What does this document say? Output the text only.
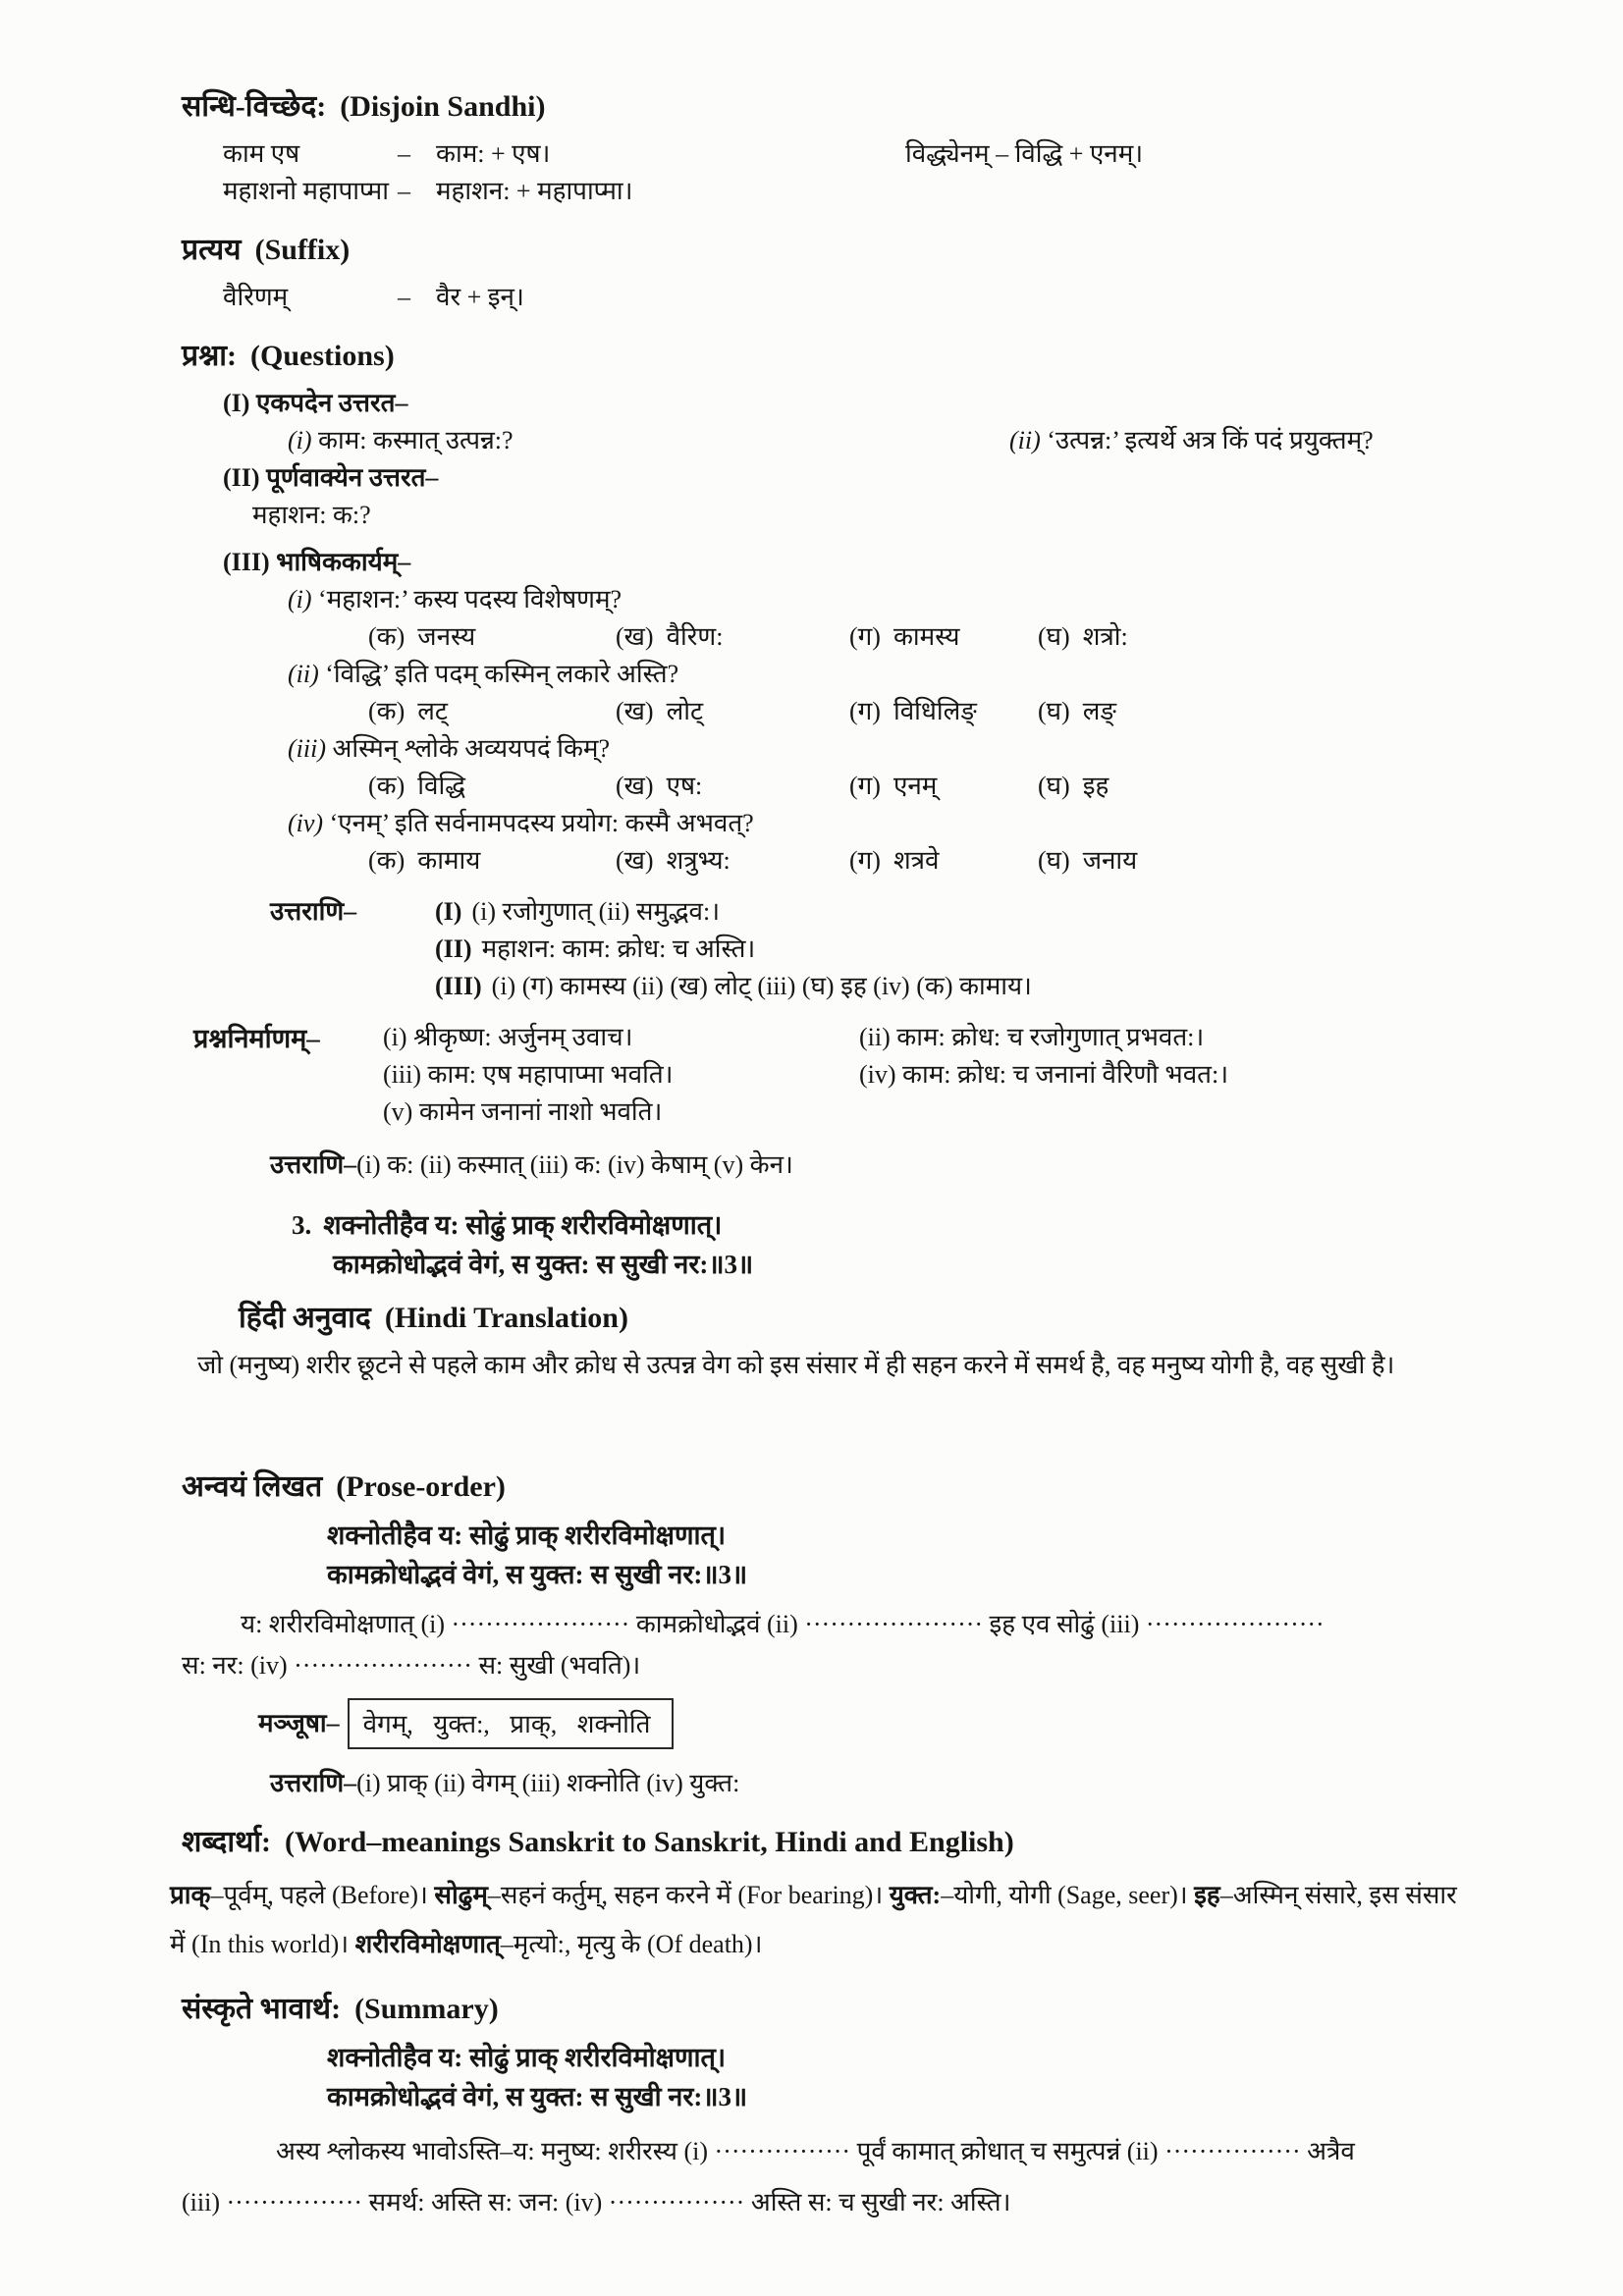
सन्धि-विच्छेद: (Disjoin Sandhi)
काम एष	– काम: + एष।	विद्ध्येनम् – विद्धि + एनम्।
महाशनो महापाप्मा – महाशन: + महापाप्मा।
प्रत्यय (Suffix)
वैरिणम्	– वैर + इन्।
प्रश्ना: (Questions)
(I) एकपदेन उत्तरत–
(i) काम: कस्मात् उत्पन्न:?	(ii) ‘उत्पन्न:’ इत्यर्थे अत्र किं पदं प्रयुक्तम्?
(II) पूर्णवाक्येन उत्तरत–
महाशन: क:?
(III) भाषिककार्यम्–
(i) ‘महाशन:’ कस्य पदस्य विशेषणम्?
(क) जनस्य	(ख) वैरिण:	(ग) कामस्य	(घ) शत्रो:
(ii) ‘विद्धि’ इति पदम् कस्मिन् लकारे अस्ति?
(क) लट्	(ख) लोट्	(ग) विधिलिङ्	(घ) लङ्
(iii) अस्मिन् श्लोके अव्ययपदं किम्?
(क) विद्धि	(ख) एष:	(ग) एनम्	(घ) इह
(iv) ‘एनम्’ इति सर्वनामपदस्य प्रयोग: कस्मै अभवत्?
(क) कामाय	(ख) शत्रुभ्य:	(ग) शत्रवे	(घ) जनाय
उत्तराणि–	(I) (i) रजोगुणात् (ii) समुद्भव:।
(II) महाशन: काम: क्रोध: च अस्ति।
(III) (i) (ग) कामस्य (ii) (ख) लोट् (iii) (घ) इह (iv) (क) कामाय।
प्रश्ननिर्माणम्– (i) श्रीकृष्ण: अर्जुनम् उवाच।	(ii) काम: क्रोध: च रजोगुणात् प्रभवत:।
(iii) काम: एष महापाप्मा भवति।	(iv) काम: क्रोध: च जनानां वैरिणौ भवत:।
(v) कामेन जनानां नाशो भवति।
उत्तराणि–(i) क: (ii) कस्मात् (iii) क: (iv) केषाम् (v) केन।
3. शक्नोतीहैव य: सोढुं प्राक् शरीरविमोक्षणात्।
कामक्रोधोद्भवं वेगं, स युक्त: स सुखी नर:॥3॥
हिंदी अनुवाद (Hindi Translation)

जो (मनुष्य) शरीर छूटने से पहले काम और क्रोध से उत्पन्न वेग को इस संसार में ही सहन करने में समर्थ है, वह मनुष्य योगी है, वह सुखी है।

अन्वयं लिखत (Prose-order)
शक्नोतीहैव य: सोढुं प्राक् शरीरविमोक्षणात्।
कामक्रोधोद्भवं वेगं, स युक्त: स सुखी नर:॥3॥
य: शरीरविमोक्षणात् (i) ····················· कामक्रोधोद्भवं (ii) ····················· इह एव सोढुं (iii) ·····················
स: नर: (iv) ····················· स: सुखी (भवति)।
मञ्जूषा– वेगम्, युक्त:, प्राक्, शक्नोति
उत्तराणि–(i) प्राक् (ii) वेगम् (iii) शक्नोति (iv) युक्त:
शब्दार्था: (Word–meanings Sanskrit to Sanskrit, Hindi and English)

प्राक्–पूर्वम्, पहले (Before)। सोढुम्–सहनं कर्तुम्, सहन करने में (For bearing)। युक्त:–योगी, योगी (Sage, seer)। इह–अस्मिन् संसारे, इस संसार में (In this world)। शरीरविमोक्षणात्–मृत्यो:, मृत्यु के (Of death)।

संस्कृते भावार्थ: (Summary)
शक्नोतीहैव य: सोढुं प्राक् शरीरविमोक्षणात्।
कामक्रोधोद्भवं वेगं, स युक्त: स सुखी नर:॥3॥
अस्य श्लोकस्य भावोऽस्ति–य: मनुष्य: शरीरस्य (i) ················ पूर्वं कामात् क्रोधात् च समुत्पन्नं (ii) ················ अत्रैव
(iii) ················ समर्थ: अस्ति स: जन: (iv) ················ अस्ति स: च सुखी नर: अस्ति।
